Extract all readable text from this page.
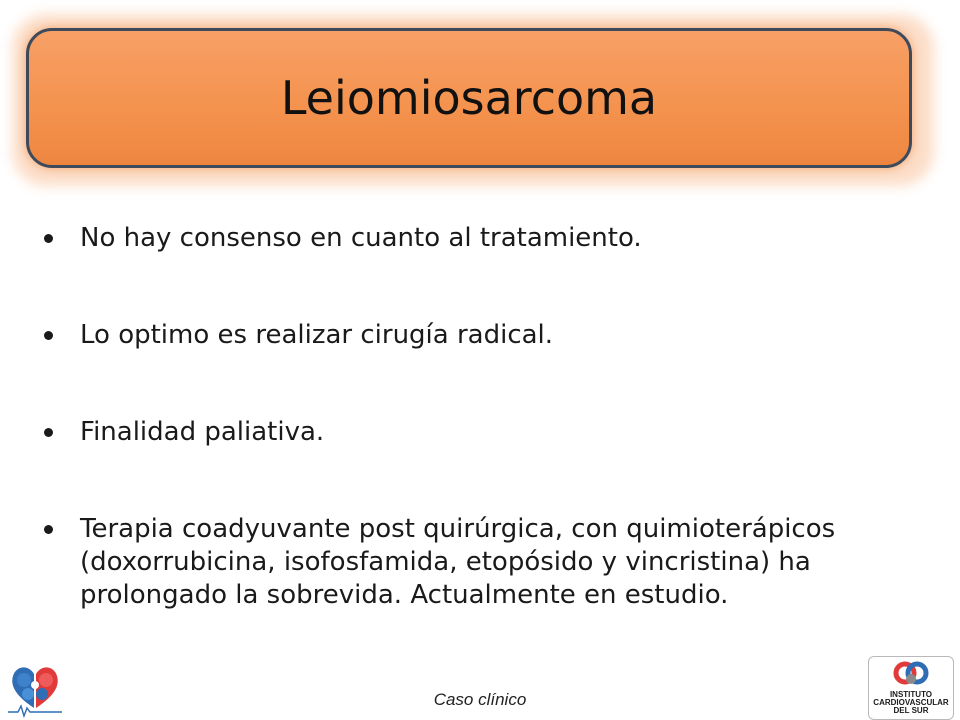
Leiomiosarcoma
No hay consenso en cuanto al tratamiento.
Lo optimo es realizar cirugía radical.
Finalidad paliativa.
Terapia coadyuvante post quirúrgica, con quimioterápicos (doxorrubicina, isofosfamida, etopósido y vincristina) ha prolongado la sobrevida. Actualmente en estudio.
INSTITUTO
CARDIOVASCULAR
DEL SUR
Caso clínico
